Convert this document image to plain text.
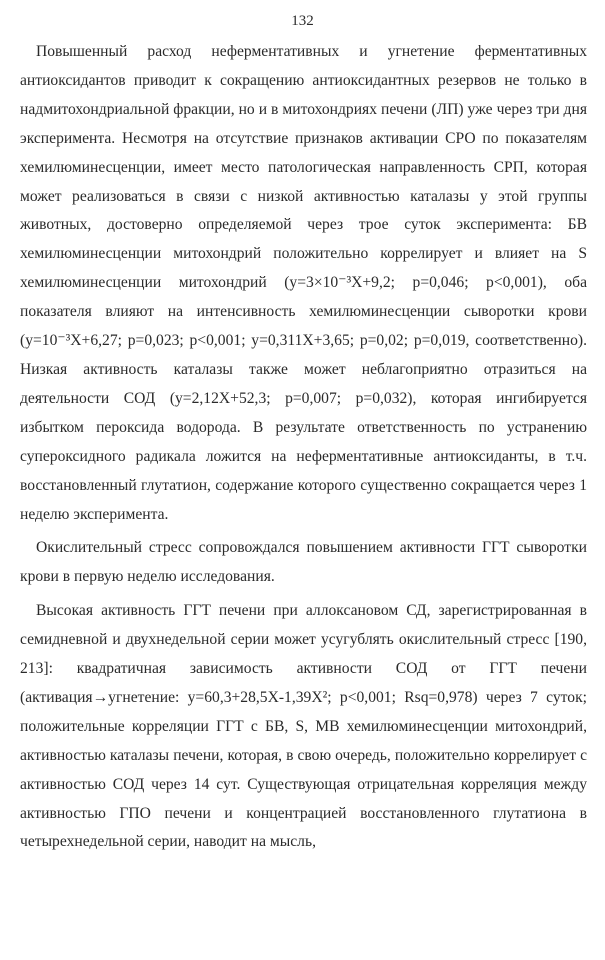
132

Повышенный расход неферментативных и угнетение ферментативных антиоксидантов приводит к сокращению антиоксидантных резервов не только в надмитохондриальной фракции, но и в митохондриях печени (ЛП) уже через три дня эксперимента. Несмотря на отсутствие признаков активации СРО по показателям хемилюминесценции, имеет место патологическая направленность СРП, которая может реализоваться в связи с низкой активностью каталазы у этой группы животных, достоверно определяемой через трое суток эксперимента: БВ хемилюминесценции митохондрий положительно коррелирует и влияет на S хемилюминесценции митохондрий (y=3×10⁻³X+9,2; p=0,046; p<0,001), оба показателя влияют на интенсивность хемилюминесценции сыворотки крови (y=10⁻³X+6,27; p=0,023; p<0,001; y=0,311X+3,65; p=0,02; p=0,019, соответственно). Низкая активность каталазы также может неблагоприятно отразиться на деятельности СОД (y=2,12X+52,3; p=0,007; p=0,032), которая ингибируется избытком пероксида водорода. В результате ответственность по устранению супероксидного радикала ложится на неферментативные антиоксиданты, в т.ч. восстановленный глутатион, содержание которого существенно сокращается через 1 неделю эксперимента.

Окислительный стресс сопровождался повышением активности ГГТ сыворотки крови в первую неделю исследования.

Высокая активность ГГТ печени при аллоксановом СД, зарегистрированная в семидневной и двухнедельной серии может усугублять окислительный стресс [190, 213]: квадратичная зависимость активности СОД от ГГТ печени (активация→угнетение: y=60,3+28,5X-1,39X²; p<0,001; Rsq=0,978) через 7 суток; положительные корреляции ГГТ с БВ, S, МВ хемилюминесценции митохондрий, активностью каталазы печени, которая, в свою очередь, положительно коррелирует с активностью СОД через 14 сут. Существующая отрицательная корреляция между активностью ГПО печени и концентрацией восстановленного глутатиона в четырехнедельной серии, наводит на мысль,
